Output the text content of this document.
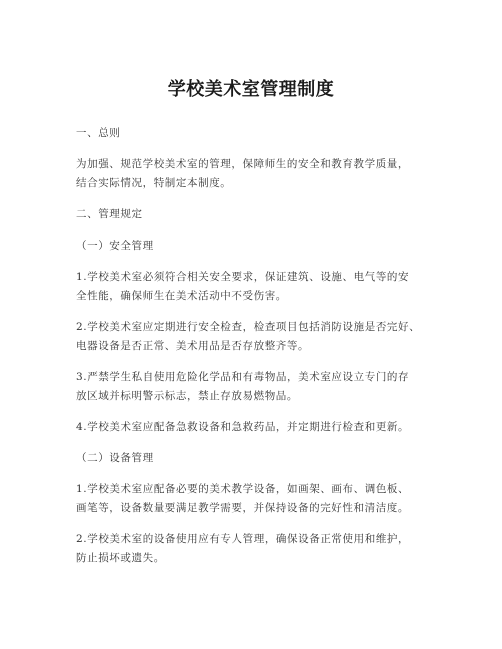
学校美术室管理制度
一、总则
为加强、规范学校美术室的管理，保障师生的安全和教育教学质量，
结合实际情况，特制定本制度。
二、管理规定
（一）安全管理
1.学校美术室必须符合相关安全要求，保证建筑、设施、电气等的安
全性能，确保师生在美术活动中不受伤害。
2.学校美术室应定期进行安全检查，检查项目包括消防设施是否完好、
电器设备是否正常、美术用品是否存放整齐等。
3.严禁学生私自使用危险化学品和有毒物品，美术室应设立专门的存
放区域并标明警示标志，禁止存放易燃物品。
4.学校美术室应配备急救设备和急救药品，并定期进行检查和更新。
（二）设备管理
1.学校美术室应配备必要的美术教学设备，如画架、画布、调色板、
画笔等，设备数量要满足教学需要，并保持设备的完好性和清洁度。
2.学校美术室的设备使用应有专人管理，确保设备正常使用和维护，
防止损坏或遗失。
